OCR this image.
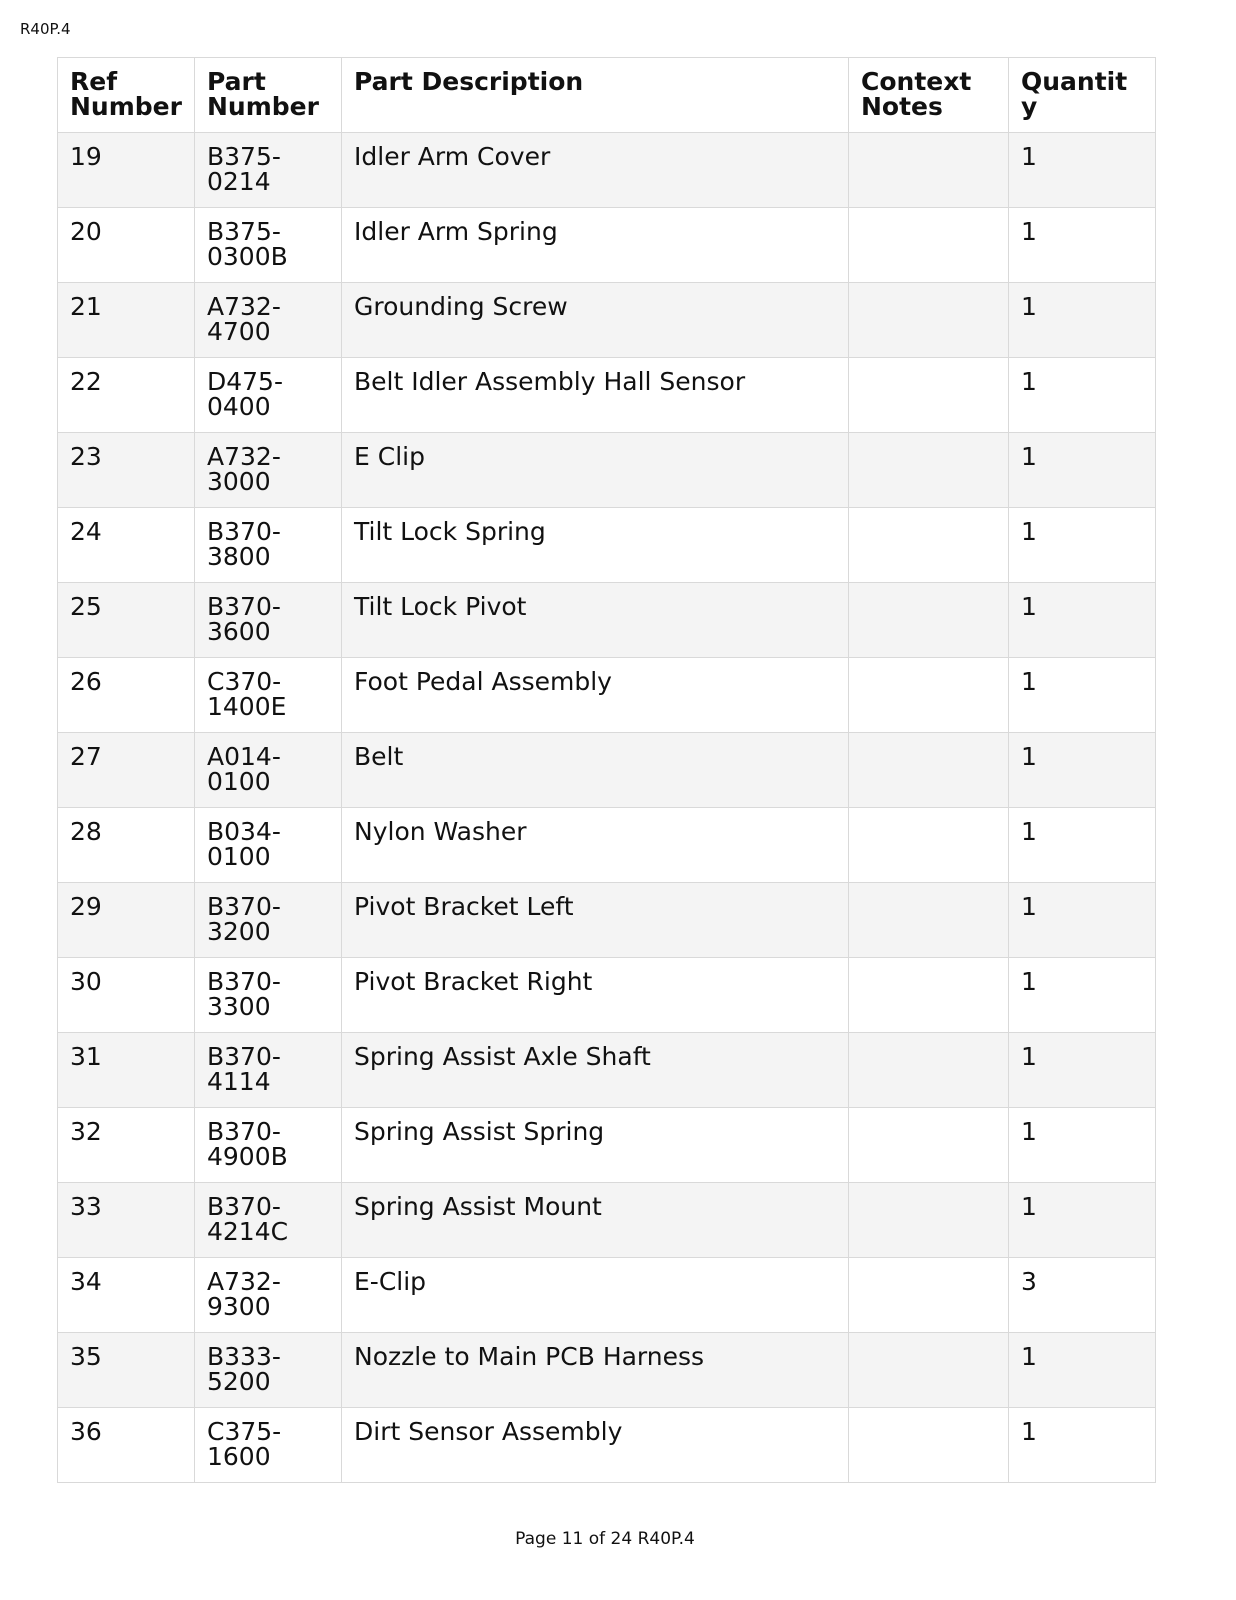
R40P.4
Ref Number	Part Number	Part Description	Context Notes	Quantity
19	B375-0214	Idler Arm Cover		1
20	B375-0300B	Idler Arm Spring		1
21	A732-4700	Grounding Screw		1
22	D475-0400	Belt Idler Assembly Hall Sensor		1
23	A732-3000	E Clip		1
24	B370-3800	Tilt Lock Spring		1
25	B370-3600	Tilt Lock Pivot		1
26	C370-1400E	Foot Pedal Assembly		1
27	A014-0100	Belt		1
28	B034-0100	Nylon Washer		1
29	B370-3200	Pivot Bracket Left		1
30	B370-3300	Pivot Bracket Right		1
31	B370-4114	Spring Assist Axle Shaft		1
32	B370-4900B	Spring Assist Spring		1
33	B370-4214C	Spring Assist Mount		1
34	A732-9300	E-Clip		3
35	B333-5200	Nozzle to Main PCB Harness		1
36	C375-1600	Dirt Sensor Assembly		1
Page 11 of 24 R40P.4
